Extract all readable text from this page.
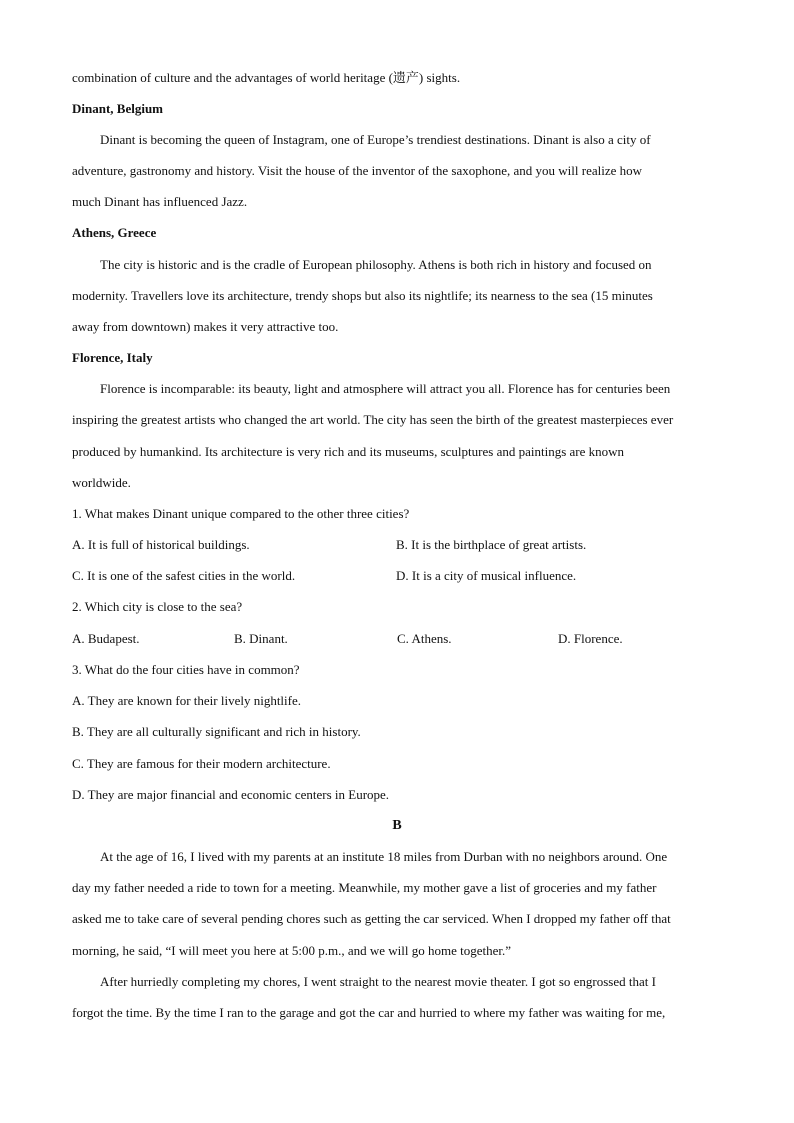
combination of culture and the advantages of world heritage (遗产) sights.
Dinant, Belgium
Dinant is becoming the queen of Instagram, one of Europe’s trendiest destinations. Dinant is also a city of
adventure, gastronomy and history. Visit the house of the inventor of the saxophone, and you will realize how
much Dinant has influenced Jazz.
Athens, Greece
The city is historic and is the cradle of European philosophy. Athens is both rich in history and focused on
modernity. Travellers love its architecture, trendy shops but also its nightlife; its nearness to the sea (15 minutes
away from downtown) makes it very attractive too.
Florence, Italy
Florence is incomparable: its beauty, light and atmosphere will attract you all. Florence has for centuries been
inspiring the greatest artists who changed the art world. The city has seen the birth of the greatest masterpieces ever
produced by humankind. Its architecture is very rich and its museums, sculptures and paintings are known
worldwide.
1. What makes Dinant unique compared to the other three cities?
A. It is full of historical buildings.	B. It is the birthplace of great artists.
C. It is one of the safest cities in the world.	D. It is a city of musical influence.
2. Which city is close to the sea?
A. Budapest.	B. Dinant.	C. Athens.	D. Florence.
3. What do the four cities have in common?
A. They are known for their lively nightlife.
B. They are all culturally significant and rich in history.
C. They are famous for their modern architecture.
D. They are major financial and economic centers in Europe.
B
At the age of 16, I lived with my parents at an institute 18 miles from Durban with no neighbors around. One
day my father needed a ride to town for a meeting. Meanwhile, my mother gave a list of groceries and my father
asked me to take care of several pending chores such as getting the car serviced. When I dropped my father off that
morning, he said, “I will meet you here at 5:00 p.m., and we will go home together.”
After hurriedly completing my chores, I went straight to the nearest movie theater. I got so engrossed that I
forgot the time. By the time I ran to the garage and got the car and hurried to where my father was waiting for me,
